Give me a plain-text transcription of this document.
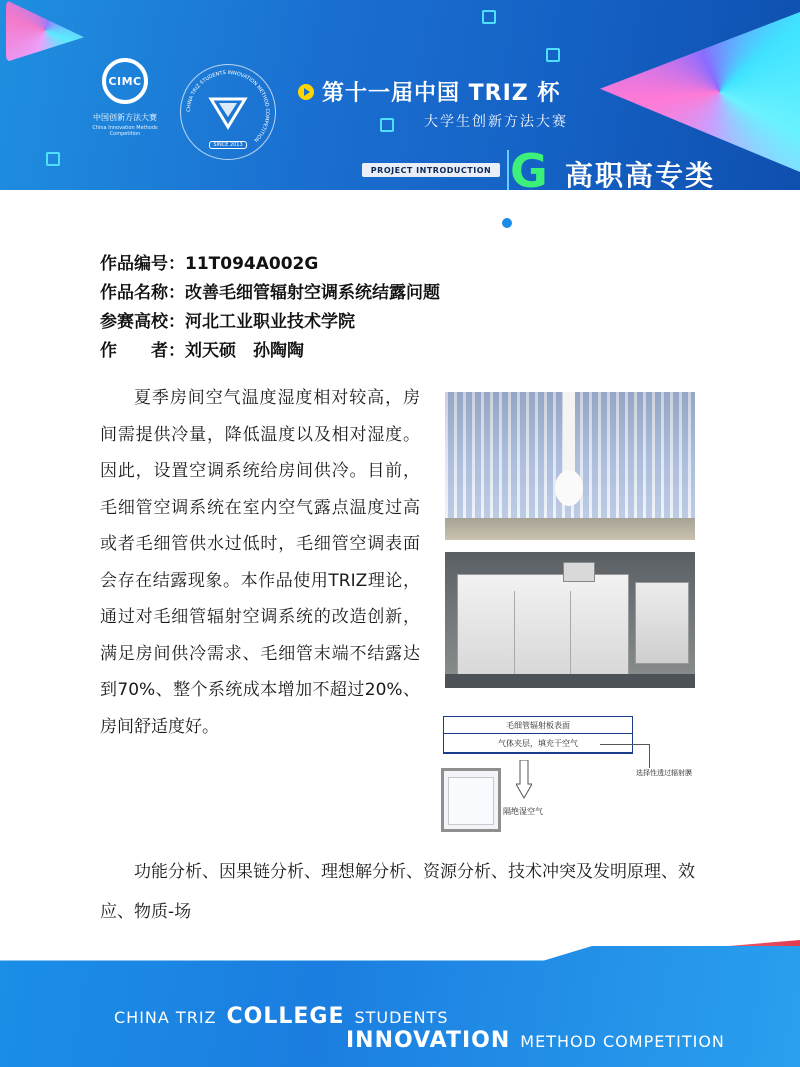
CIMC
中国创新方法大赛
China Innovation Methods Competition
CHINA TRIZ STUDENTS INNOVATION METHOD COMPETITION
SINCE 2013
第十一届中国 TRIZ 杯
大学生创新方法大赛
PROJECT INTRODUCTION G 高职高专类
作品编号：11T094A002G
作品名称：改善毛细管辐射空调系统结露问题
参赛高校：河北工业职业技术学院
作　　者：刘天硕　孙陶陶
夏季房间空气温度湿度相对较高，房间需提供冷量，降低温度以及相对湿度。因此，设置空调系统给房间供冷。目前，毛细管空调系统在室内空气露点温度过高或者毛细管供水过低时，毛细管空调表面会存在结露现象。本作品使用TRIZ理论，通过对毛细管辐射空调系统的改造创新，满足房间供冷需求、毛细管末端不结露达到70%、整个系统成本增加不超过20%、房间舒适度好。	毛细管辐射板表面
气体夹层，填充干空气
选择性透过辐射膜
隔绝湿空气
功能分析、因果链分析、理想解分析、资源分析、技术冲突及发明原理、效应、物质-场
CHINA TRIZ COLLEGE STUDENTS
INNOVATION METHOD COMPETITION
